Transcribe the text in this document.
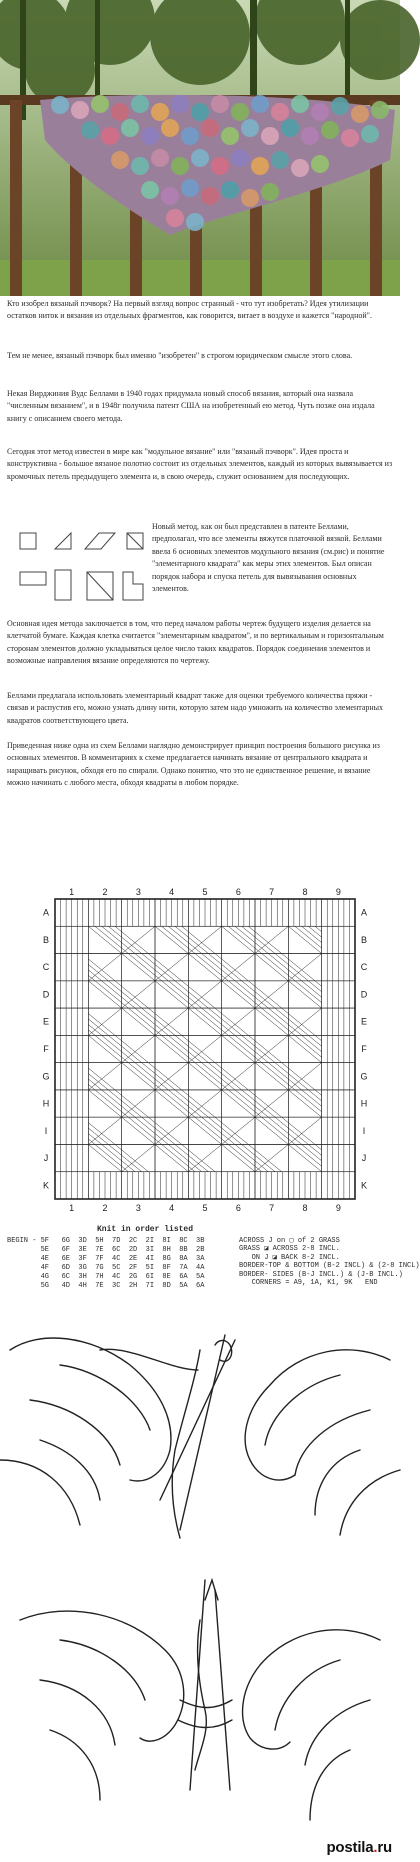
Кто изобрел вязаный пэчворк? На первый взгляд вопрос странный - что тут изобретать? Идея утилизации остатков ниток и вязания из отдельных фрагментов, как говорится, витает в воздухе и кажется "народной".

Тем не менее, вязаный пэчворк был именно "изобретен" в строгом юридическом смысле этого слова.

Некая Вирджиния Вудс Беллами в 1940 годах придумала новый способ вязания, который она назвала "численным вязанием", и в 1948г получила патент США на изобретенный ею метод. Чуть позже она издала книгу с описанием своего метода.

Сегодня этот метод известен в мире как "модульное вязание" или "вязаный пэчворк". Идея проста и конструктивна - большое вязаное полотно состоит из отдельных элементов, каждый из которых вывязывается из кромочных петель предыдущего элемента и, в свою очередь, служит основанием для последующих.

Новый метод, как он был представлен в патенте Беллами, предполагал, что все элементы вяжутся платочной вязкой. Беллами ввела 6 основных элементов модульного вязания (см.рис) и понятие "элементарного квадрата" как меры этих элементов. Был описан порядок набора и спуска петель для вывязывания основных элементов.

Основная идея метода заключается в том, что перед началом работы чертеж будущего изделия делается на клетчатой бумаге. Каждая клетка считается "элементарным квадратом", и по вертикальным и горизонтальным сторонам элементов должно укладываться целое число таких квадратов. Порядок соединения элементов и возможные направления вязание определяются по чертежу.

Беллами предлагала использовать элементарный квадрат также для оценки требуемого количества пряжи - связав и распустив его, можно узнать длину нити, которую затем надо умножить на количество элементарных квадратов соответствующего цвета.

Приведенная ниже одна из схем Беллами наглядно демонстрирует принцип построения большого рисунка из основных элементов. В комментариях к схеме предлагается начинать вязание от центрального квадрата и наращивать рисунок, обходя его по спирали. Однако понятно, что это не единственное решение, и вязание можно начинать с любого места, обходя квадраты в любом порядке.

1	2	3	4	5	6	7	8	9
1	2	3	4	5	6	7	8	9
A
B
C
D
E
F
G
H
I
J
K
A
B
C
D
E
F
G
H
I
J
K
Knit in order listed
BEGIN - 5F   6G  3D  5H  7D  2C  2I  8I  8C  3B
5E   6F  3E  7E  6C  2D  3I  8H  8B  2B
4E   6E  3F  7F  4C  2E  4I  8G  8A  3A
4F   6D  3G  7G  5C  2F  5I  8F  7A  4A
4G   6C  3H  7H  4C  2G  6I  8E  6A  5A
5G   4D  4H  7E  3C  2H  7I  8D  5A  6A
ACROSS J on ▢ of 2 GRASS
GRASS ◪ ACROSS 2-8 INCL.
ON J ◪ BACK 8-2 INCL.
BORDER-TOP & BOTTOM (B-2 INCL) & (2-8 INCL)
BORDER- SIDES (B-J INCL.) & (J-B INCL.)
CORNERS = A9, 1A, K1, 9K   END
postila.ru
